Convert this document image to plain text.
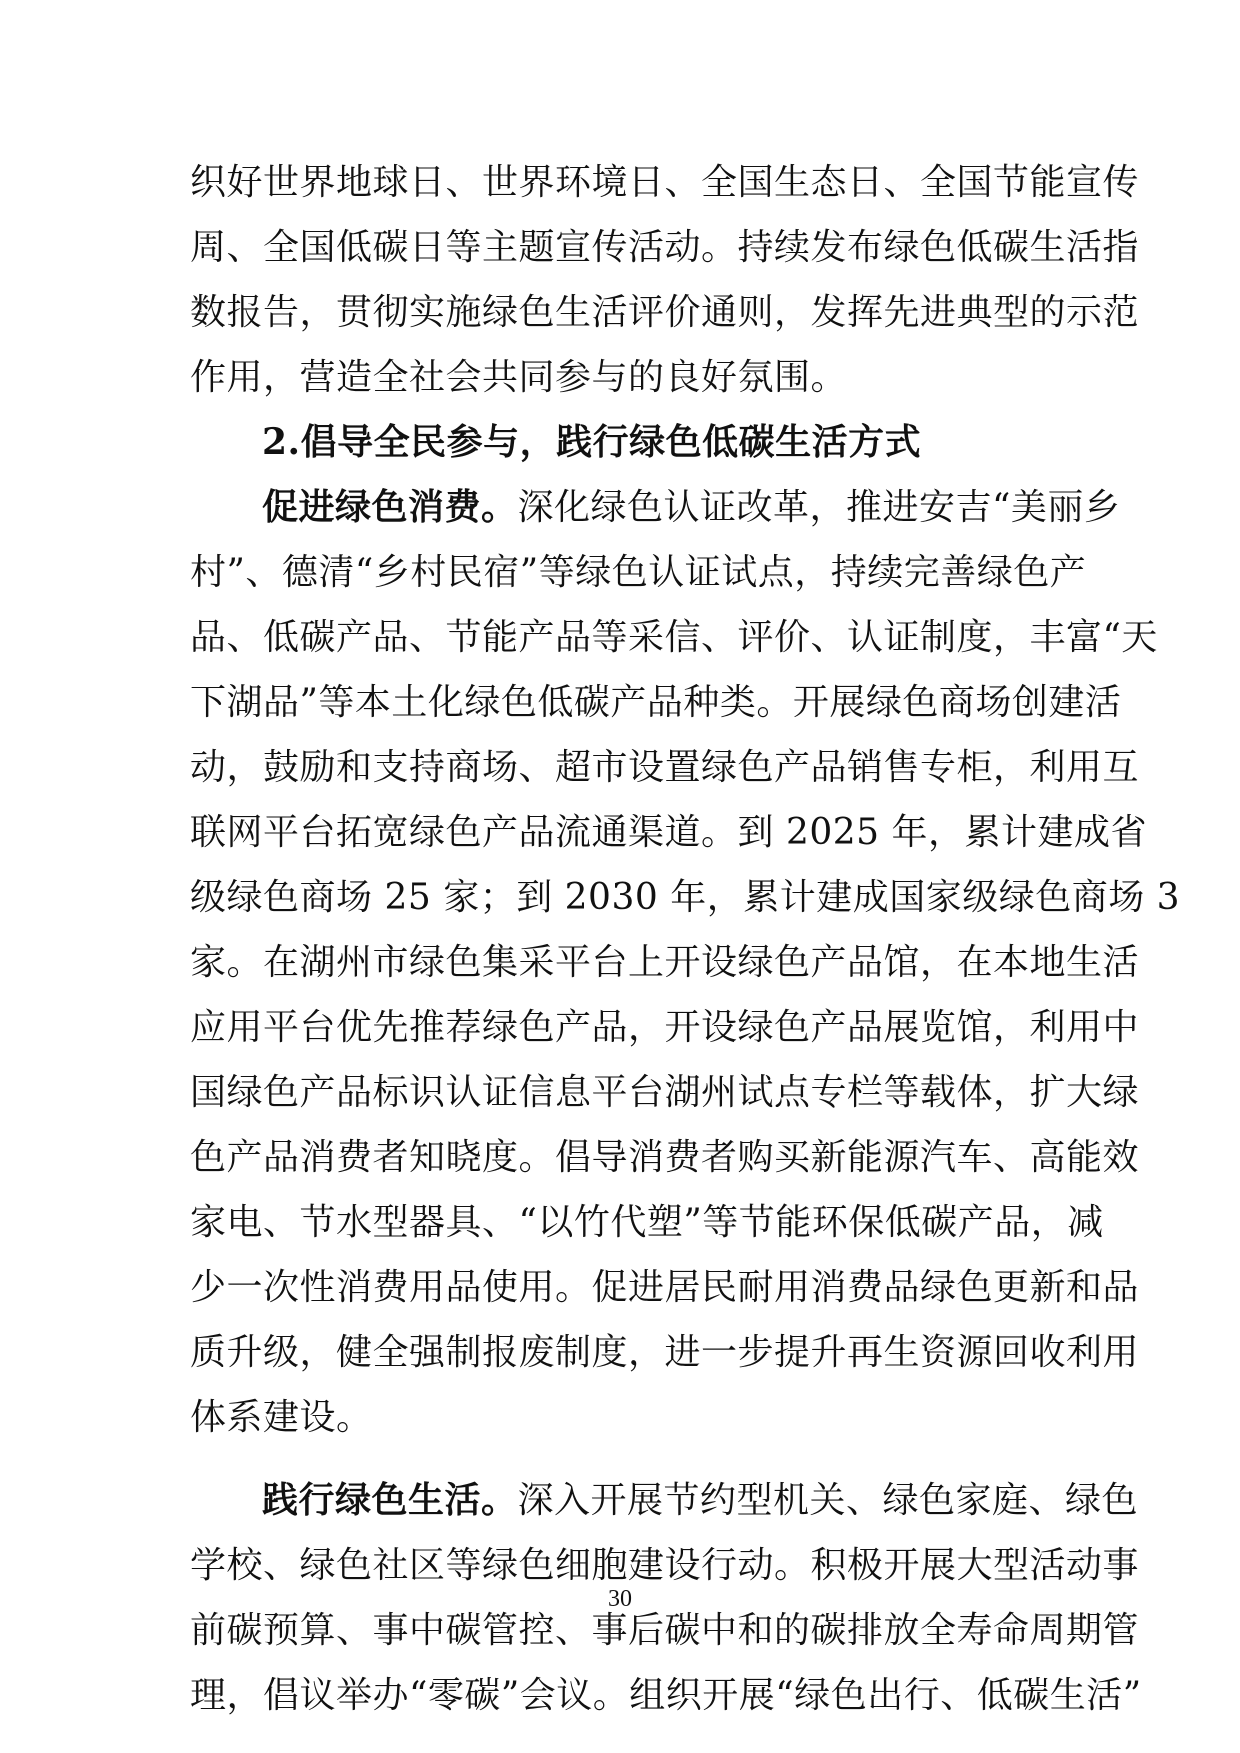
织好世界地球日、世界环境日、全国生态日、全国节能宣传
周、全国低碳日等主题宣传活动。持续发布绿色低碳生活指
数报告，贯彻实施绿色生活评价通则，发挥先进典型的示范
作用，营造全社会共同参与的良好氛围。
2.倡导全民参与，践行绿色低碳生活方式
促进绿色消费。深化绿色认证改革，推进安吉“美丽乡
村”、德清“乡村民宿”等绿色认证试点，持续完善绿色产
品、低碳产品、节能产品等采信、评价、认证制度，丰富“天
下湖品”等本土化绿色低碳产品种类。开展绿色商场创建活
动，鼓励和支持商场、超市设置绿色产品销售专柜，利用互
联网平台拓宽绿色产品流通渠道。到 2025 年，累计建成省
级绿色商场 25 家；到 2030 年，累计建成国家级绿色商场 3
家。在湖州市绿色集采平台上开设绿色产品馆，在本地生活
应用平台优先推荐绿色产品，开设绿色产品展览馆，利用中
国绿色产品标识认证信息平台湖州试点专栏等载体，扩大绿
色产品消费者知晓度。倡导消费者购买新能源汽车、高能效
家电、节水型器具、“以竹代塑”等节能环保低碳产品，减
少一次性消费用品使用。促进居民耐用消费品绿色更新和品
质升级，健全强制报废制度，进一步提升再生资源回收利用
体系建设。
践行绿色生活。深入开展节约型机关、绿色家庭、绿色
学校、绿色社区等绿色细胞建设行动。积极开展大型活动事
前碳预算、事中碳管控、事后碳中和的碳排放全寿命周期管
理，倡议举办“零碳”会议。组织开展“绿色出行、低碳生活”
30
